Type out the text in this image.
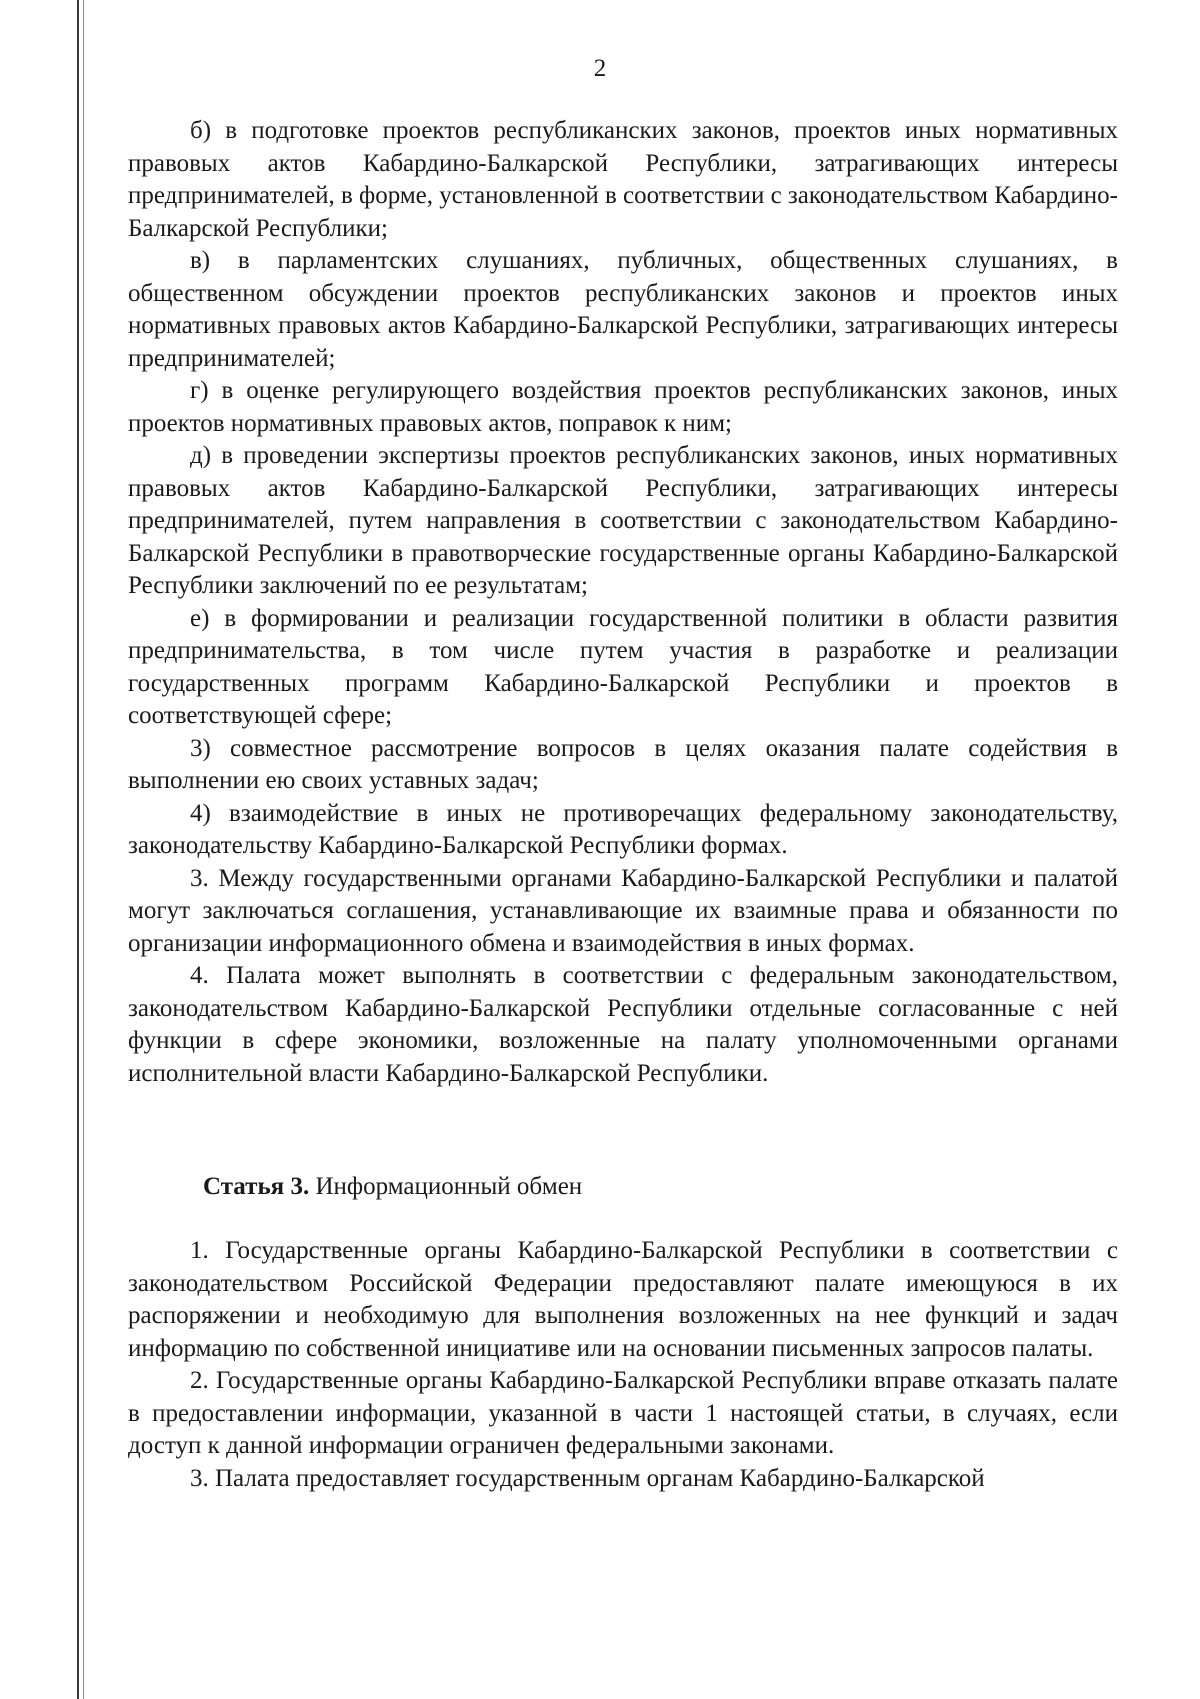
2

б) в подготовке проектов республиканских законов, проектов иных нормативных правовых актов Кабардино-Балкарской Республики, затрагивающих интересы предпринимателей, в форме, установленной в соответствии с законодательством Кабардино-Балкарской Республики;

в) в парламентских слушаниях, публичных, общественных слушаниях, в общественном обсуждении проектов республиканских законов и проектов иных нормативных правовых актов Кабардино-Балкарской Республики, затрагивающих интересы предпринимателей;

г) в оценке регулирующего воздействия проектов республиканских законов, иных проектов нормативных правовых актов, поправок к ним;

д) в проведении экспертизы проектов республиканских законов, иных нормативных правовых актов Кабардино-Балкарской Республики, затрагивающих интересы предпринимателей, путем направления в соответствии с законодательством Кабардино-Балкарской Республики в правотворческие государственные органы Кабардино-Балкарской Республики заключений по ее результатам;

е) в формировании и реализации государственной политики в области развития предпринимательства, в том числе путем участия в разработке и реализации государственных программ Кабардино-Балкарской Республики и проектов в соответствующей сфере;

3) совместное рассмотрение вопросов в целях оказания палате содействия в выполнении ею своих уставных задач;

4) взаимодействие в иных не противоречащих федеральному законодательству, законодательству Кабардино-Балкарской Республики формах.

3. Между государственными органами Кабардино-Балкарской Республики и палатой могут заключаться соглашения, устанавливающие их взаимные права и обязанности по организации информационного обмена и взаимодействия в иных формах.

4. Палата может выполнять в соответствии с федеральным законодательством, законодательством Кабардино-Балкарской Республики отдельные согласованные с ней функции в сфере экономики, возложенные на палату уполномоченными органами исполнительной власти Кабардино-Балкарской Республики.

Статья 3. Информационный обмен

1. Государственные органы Кабардино-Балкарской Республики в соответствии с законодательством Российской Федерации предоставляют палате имеющуюся в их распоряжении и необходимую для выполнения возложенных на нее функций и задач информацию по собственной инициативе или на основании письменных запросов палаты.

2. Государственные органы Кабардино-Балкарской Республики вправе отказать палате в предоставлении информации, указанной в части 1 настоящей статьи, в случаях, если доступ к данной информации ограничен федеральными законами.

3. Палата предоставляет государственным органам Кабардино-Балкарской
